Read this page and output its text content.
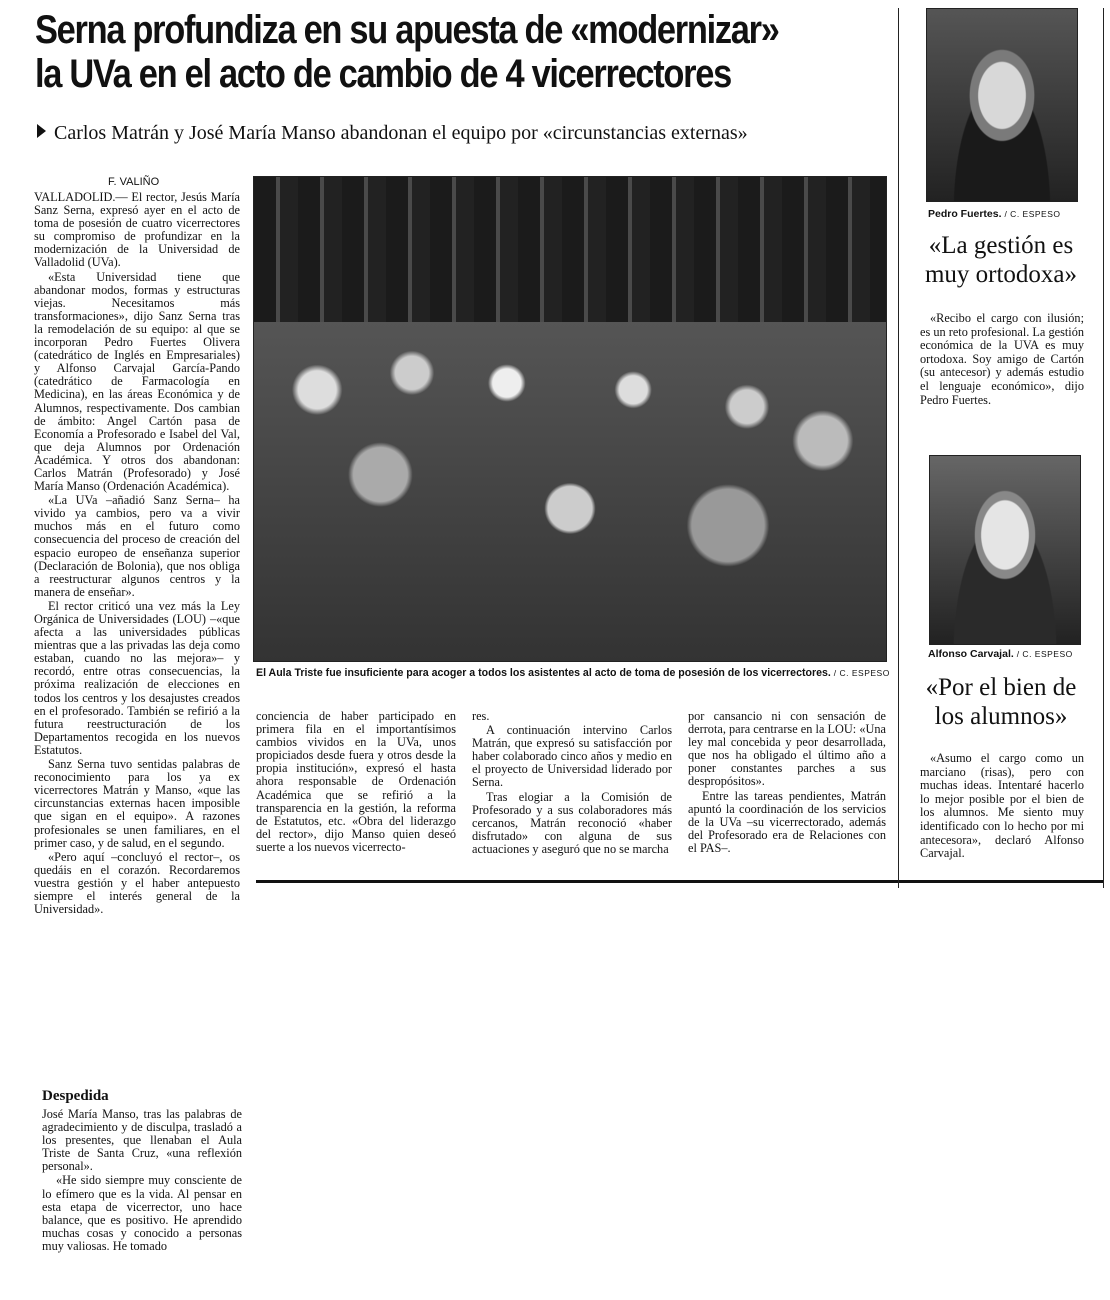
Serna profundiza en su apuesta de «modernizar»
la UVa en el acto de cambio de 4 vicerrectores
Carlos Matrán y José María Manso abandonan el equipo por «circunstancias externas»
F. VALIÑO

VALLADOLID.— El rector, Jesús María Sanz Serna, expresó ayer en el acto de toma de posesión de cuatro vicerrectores su compromiso de profundizar en la modernización de la Universidad de Valladolid (UVa).

«Esta Universidad tiene que abandonar modos, formas y estructuras viejas. Necesitamos más transformaciones», dijo Sanz Serna tras la remodelación de su equipo: al que se incorporan Pedro Fuertes Olivera (catedrático de Inglés en Empresariales) y Alfonso Carvajal García-Pando (catedrático de Farmacología en Medicina), en las áreas Económica y de Alumnos, respectivamente. Dos cambian de ámbito: Angel Cartón pasa de Economía a Profesorado e Isabel del Val, que deja Alumnos por Ordenación Académica. Y otros dos abandonan: Carlos Matrán (Profesorado) y José María Manso (Ordenación Académica).

«La UVa –añadió Sanz Serna– ha vivido ya cambios, pero va a vivir muchos más en el futuro como consecuencia del proceso de creación del espacio europeo de enseñanza superior (Declaración de Bolonia), que nos obliga a reestructurar algunos centros y la manera de enseñar».

El rector criticó una vez más la Ley Orgánica de Universidades (LOU) –«que afecta a las universidades públicas mientras que a las privadas las deja como estaban, cuando no las mejora»– y recordó, entre otras consecuencias, la próxima realización de elecciones en todos los centros y los desajustes creados en el profesorado. También se refirió a la futura reestructuración de los Departamentos recogida en los nuevos Estatutos.

Sanz Serna tuvo sentidas palabras de reconocimiento para los ya ex vicerrectores Matrán y Manso, «que las circunstancias externas hacen imposible que sigan en el equipo». A razones profesionales se unen familiares, en el primer caso, y de salud, en el segundo.

«Pero aquí –concluyó el rector–, os quedáis en el corazón. Recordaremos vuestra gestión y el haber antepuesto siempre el interés general de la Universidad».

Despedida

José María Manso, tras las palabras de agradecimiento y de disculpa, trasladó a los presentes, que llenaban el Aula Triste de Santa Cruz, «una reflexión personal».

«He sido siempre muy consciente de lo efímero que es la vida. Al pensar en esta etapa de vicerrector, uno hace balance, que es positivo. He aprendido muchas cosas y conocido a personas muy valiosas. He tomado

El Aula Triste fue insuficiente para acoger a todos los asistentes al acto de toma de posesión de los vicerrectores. / C. ESPESO

conciencia de haber participado en primera fila en el importantísimos cambios vividos en la UVa, unos propiciados desde fuera y otros desde la propia institución», expresó el hasta ahora responsable de Ordenación Académica que se refirió a la transparencia en la gestión, la reforma de Estatutos, etc. «Obra del liderazgo del rector», dijo Manso quien deseó suerte a los nuevos vicerrecto-

res.

A continuación intervino Carlos Matrán, que expresó su satisfacción por haber colaborado cinco años y medio en el proyecto de Universidad liderado por Serna.

Tras elogiar a la Comisión de Profesorado y a sus colaboradores más cercanos, Matrán reconoció «haber disfrutado» con alguna de sus actuaciones y aseguró que no se marcha

por cansancio ni con sensación de derrota, para centrarse en la LOU: «Una ley mal concebida y peor desarrollada, que nos ha obligado el último año a poner constantes parches a sus despropósitos».

Entre las tareas pendientes, Matrán apuntó la coordinación de los servicios de la UVa –su vicerrectorado, además del Profesorado era de Relaciones con el PAS–.

Pedro Fuertes. / C. ESPESO
«La gestión es muy ortodoxa»

«Recibo el cargo con ilusión; es un reto profesional. La gestión económica de la UVA es muy ortodoxa. Soy amigo de Cartón (su antecesor) y además estudio el lenguaje económico», dijo Pedro Fuertes.

Alfonso Carvajal. / C. ESPESO
«Por el bien de los alumnos»

«Asumo el cargo como un marciano (risas), pero con muchas ideas. Intentaré hacerlo lo mejor posible por el bien de los alumnos. Me siento muy identificado con lo hecho por mi antecesora», declaró Alfonso Carvajal.
